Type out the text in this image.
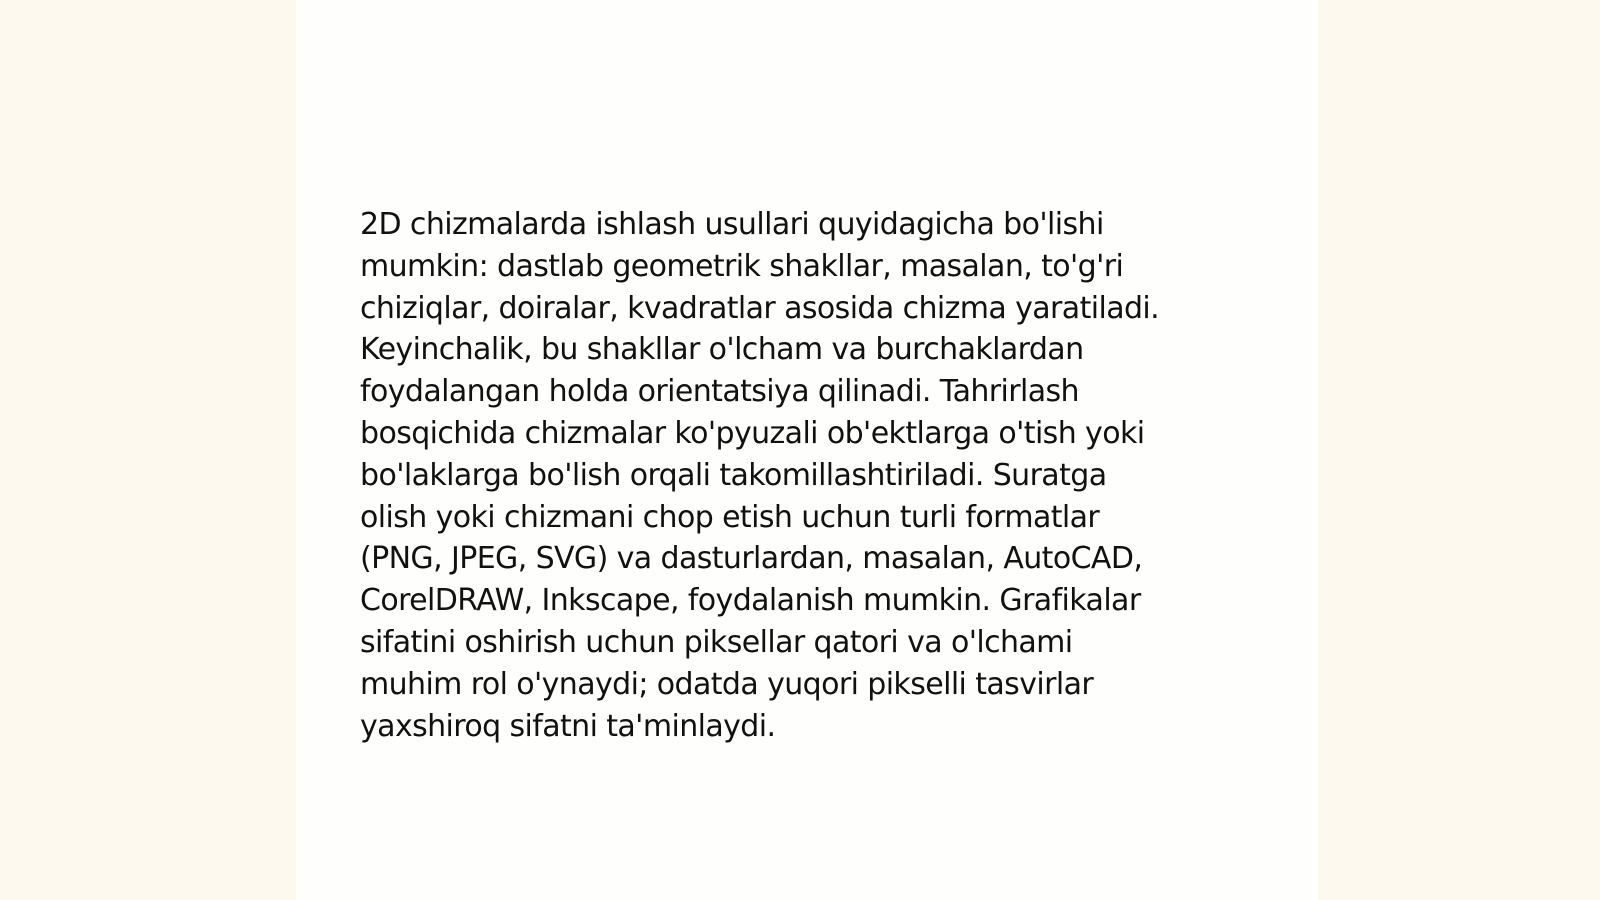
2D chizmalarda ishlash usullari quyidagicha bo'lishi
mumkin: dastlab geometrik shakllar, masalan, to'g'ri
chiziqlar, doiralar, kvadratlar asosida chizma yaratiladi.
Keyinchalik, bu shakllar o'lcham va burchaklardan
foydalangan holda orientatsiya qilinadi. Tahrirlash
bosqichida chizmalar ko'pyuzali ob'ektlarga o'tish yoki
bo'laklarga bo'lish orqali takomillashtiriladi. Suratga
olish yoki chizmani chop etish uchun turli formatlar
(PNG, JPEG, SVG) va dasturlardan, masalan, AutoCAD,
CorelDRAW, Inkscape, foydalanish mumkin. Grafikalar
sifatini oshirish uchun piksellar qatori va o'lchami
muhim rol o'ynaydi; odatda yuqori pikselli tasvirlar
yaxshiroq sifatni ta'minlaydi.
